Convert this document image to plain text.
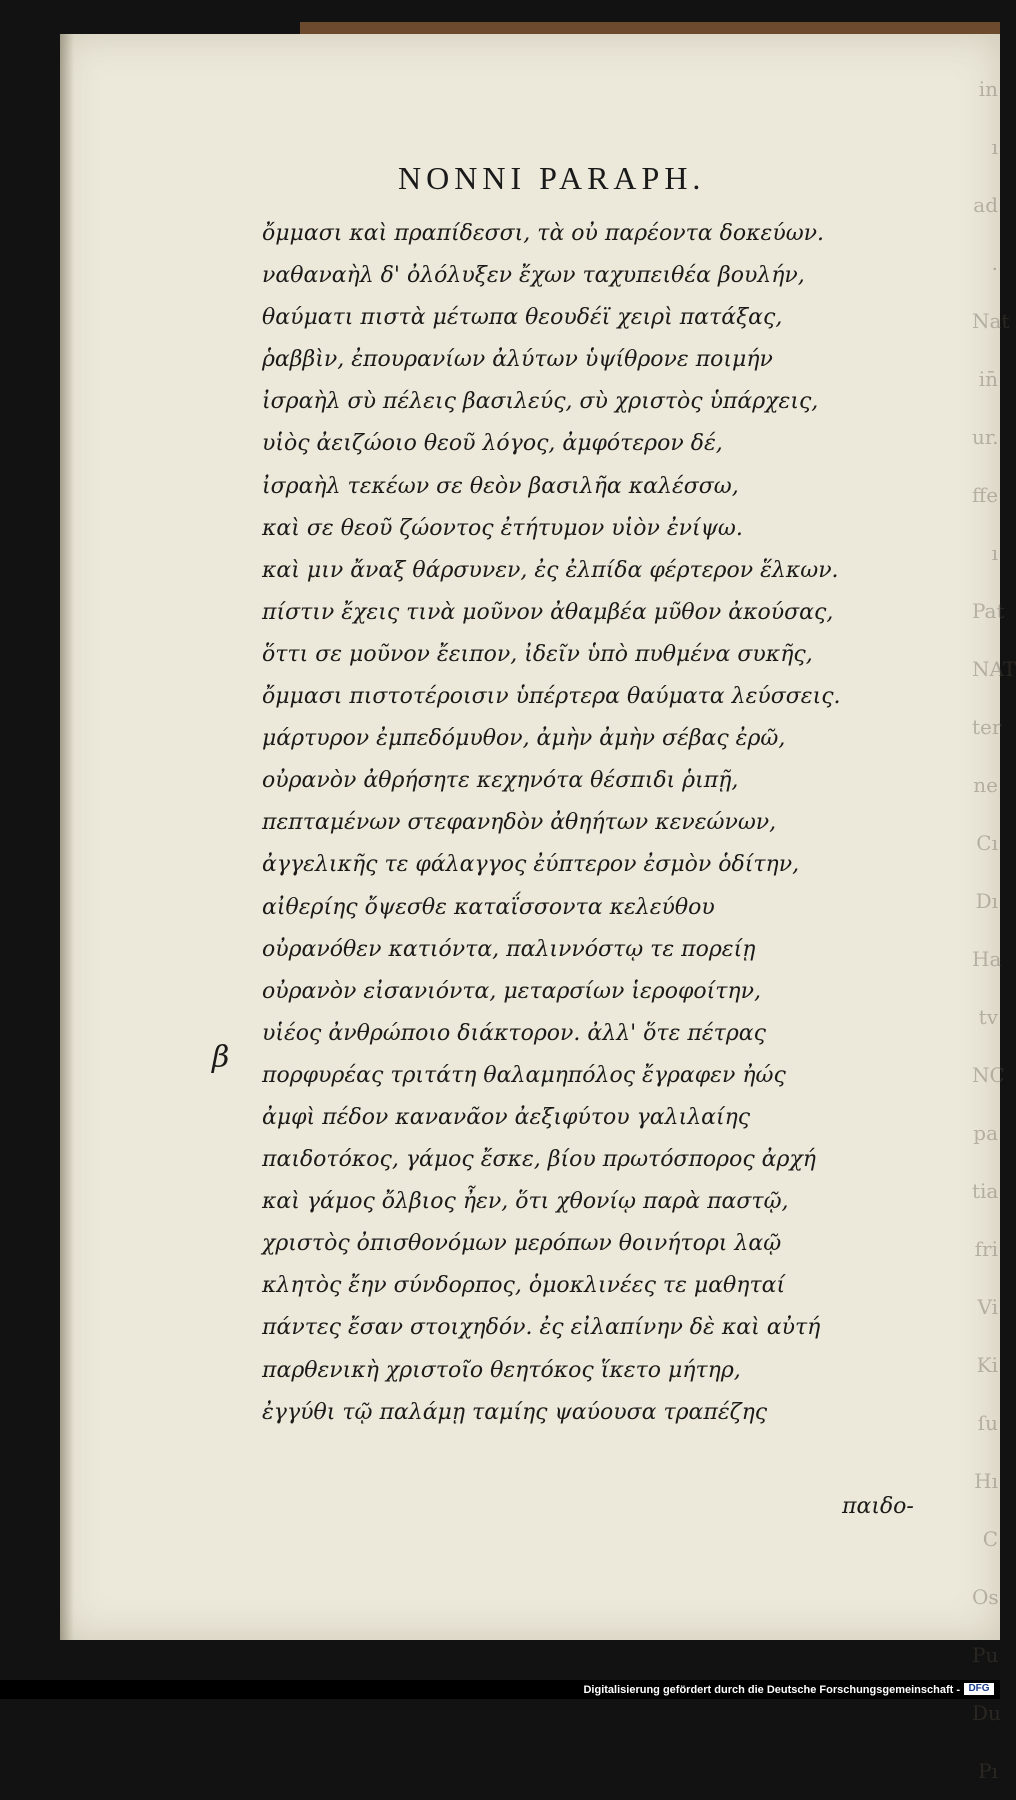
in ı ad . Nat in̄ ur. ffe ı Pat NAT ter ne Cı Dı Ha tv NC pa tia fri Vi Ki ſu Hı C Os Pu Du Pı
NONNI PARAPH.
ὄμμασι καὶ πραπίδεσσι, τὰ οὐ παρέοντα δοκεύων.
ναθαναὴλ δ' ὀλόλυξεν ἔχων ταχυπειθέα βουλήν,
θαύματι πιστὰ μέτωπα θεουδέϊ χειρὶ πατάξας,
ῥαββὶν, ἐπουρανίων ἀλύτων ὑψίθρονε ποιμήν
ἰσραὴλ σὺ πέλεις βασιλεύς, σὺ χριστὸς ὑπάρχεις,
υἱὸς ἀειζώοιο θεοῦ λόγος, ἀμφότερον δέ,
ἰσραὴλ τεκέων σε θεὸν βασιλῆα καλέσσω,
καὶ σε θεοῦ ζώοντος ἐτήτυμον υἱὸν ἐνίψω.
καὶ μιν ἄναξ θάρσυνεν, ἐς ἐλπίδα φέρτερον ἕλκων.
πίστιν ἔχεις τινὰ μοῦνον ἀθαμβέα μῦθον ἀκούσας,
ὅττι σε μοῦνον ἔειπον, ἰδεῖν ὑπὸ πυθμένα συκῆς,
ὄμμασι πιστοτέροισιν ὑπέρτερα θαύματα λεύσσεις.
μάρτυρον ἐμπεδόμυθον, ἀμὴν ἀμὴν σέβας ἐρῶ,
οὐρανὸν ἀθρήσητε κεχηνότα θέσπιδι ῥιπῇ,
πεπταμένων στεφανηδὸν ἀθηήτων κενεώνων,
ἀγγελικῆς τε φάλαγγος ἐύπτερον ἐσμὸν ὁδίτην,
αἰθερίης ὄψεσθε καταΐσσοντα κελεύθου
οὐρανόθεν κατιόντα, παλιννόστῳ τε πορείῃ
οὐρανὸν εἰσανιόντα, μεταρσίων ἱεροφοίτην,
υἱέος ἀνθρώποιο διάκτορον. ἀλλ' ὅτε πέτρας
πορφυρέας τριτάτη θαλαμηπόλος ἔγραφεν ἠώς
ἀμφὶ πέδον κανανᾶον ἀεξιφύτου γαλιλαίης
παιδοτόκος, γάμος ἔσκε, βίου πρωτόσπορος ἀρχή
καὶ γάμος ὄλβιος ἦεν, ὅτι χθονίῳ παρὰ παστῷ,
χριστὸς ὀπισθονόμων μερόπων θοινήτορι λαῷ
κλητὸς ἔην σύνδορπος, ὁμοκλινέες τε μαθηταί
πάντες ἔσαν στοιχηδόν. ἐς εἰλαπίνην δὲ καὶ αὐτή
παρθενικὴ χριστοῖο θεητόκος ἵκετο μήτηρ,
ἐγγύθι τῷ παλάμῃ ταμίης ψαύουσα τραπέζης
β
παιδο-
Digitalisierung gefördert durch die Deutsche Forschungsgemeinschaft - DFG
